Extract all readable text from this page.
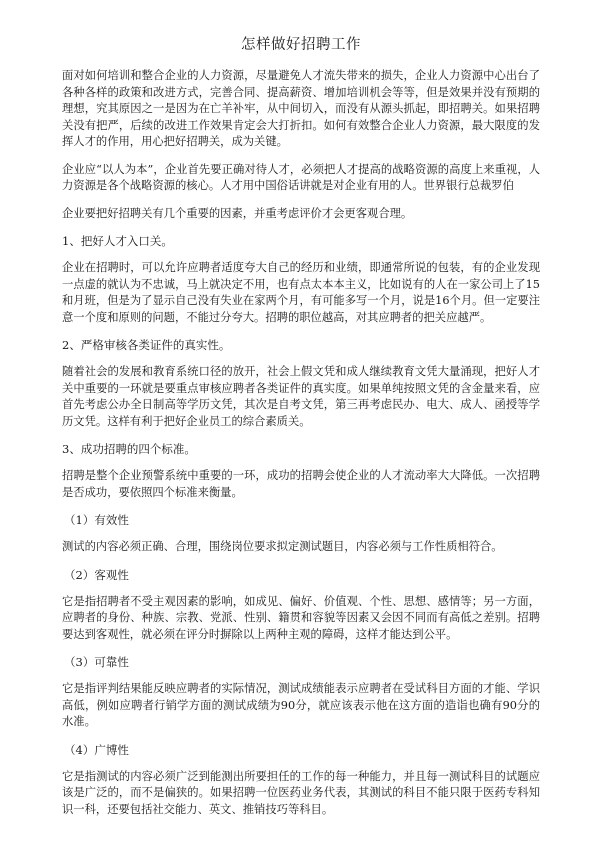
怎样做好招聘工作
面对如何培训和整合企业的人力资源，尽量避免人才流失带来的损失，企业人力资源中心出台了各种各样的政策和改进方式，完善合同、提高薪资、增加培训机会等等，但是效果并没有预期的理想，究其原因之一是因为在亡羊补牢，从中间切入，而没有从源头抓起，即招聘关。如果招聘关没有把严，后续的改进工作效果肯定会大打折扣。如何有效整合企业人力资源，最大限度的发挥人才的作用，用心把好招聘关，成为关键。
企业应“以人为本”，企业首先要正确对待人才，必须把人才提高的战略资源的高度上来重视，人力资源是各个战略资源的核心。人才用中国俗话讲就是对企业有用的人。世界银行总裁罗伯
企业要把好招聘关有几个重要的因素，并重考虑评价才会更客观合理。
1、把好人才入口关。
企业在招聘时，可以允许应聘者适度夸大自己的经历和业绩，即通常所说的包装，有的企业发现一点虚的就认为不忠诚，马上就决定不用，也有点太本本主义，比如说有的人在一家公司上了15和月班，但是为了显示自己没有失业在家两个月，有可能多写一个月，说是16个月。但一定要注意一个度和原则的问题，不能过分夸大。招聘的职位越高，对其应聘者的把关应越严。
2、严格审核各类证件的真实性。
随着社会的发展和教育系统口径的放开，社会上假文凭和成人继续教育文凭大量涌现，把好人才关中重要的一环就是要重点审核应聘者各类证件的真实度。如果单纯按照文凭的含金量来看，应首先考虑公办全日制高等学历文凭，其次是自考文凭，第三再考虑民办、电大、成人、函授等学历文凭。这样有利于把好企业员工的综合素质关。
3、成功招聘的四个标准。
招聘是整个企业预警系统中重要的一环，成功的招聘会使企业的人才流动率大大降低。一次招聘是否成功，要依照四个标准来衡量。
（1）有效性
测试的内容必须正确、合理，围绕岗位要求拟定测试题目，内容必须与工作性质相符合。
（2）客观性
它是指招聘者不受主观因素的影响，如成见、偏好、价值观、个性、思想、感情等；另一方面，应聘者的身份、种族、宗教、党派、性别、籍贯和容貌等因素又会因不同而有高低之差别。招聘要达到客观性，就必须在评分时摒除以上两种主观的障碍，这样才能达到公平。
（3）可靠性
它是指评判结果能反映应聘者的实际情况，测试成绩能表示应聘者在受试科目方面的才能、学识高低，例如应聘者行销学方面的测试成绩为90分，就应该表示他在这方面的造诣也确有90分的水准。
（4）广博性
它是指测试的内容必须广泛到能测出所要担任的工作的每一种能力，并且每一测试科目的试题应该是广泛的，而不是偏狭的。如果招聘一位医药业务代表，其测试的科目不能只限于医药专科知识一科，还要包括社交能力、英文、推销技巧等科目。
